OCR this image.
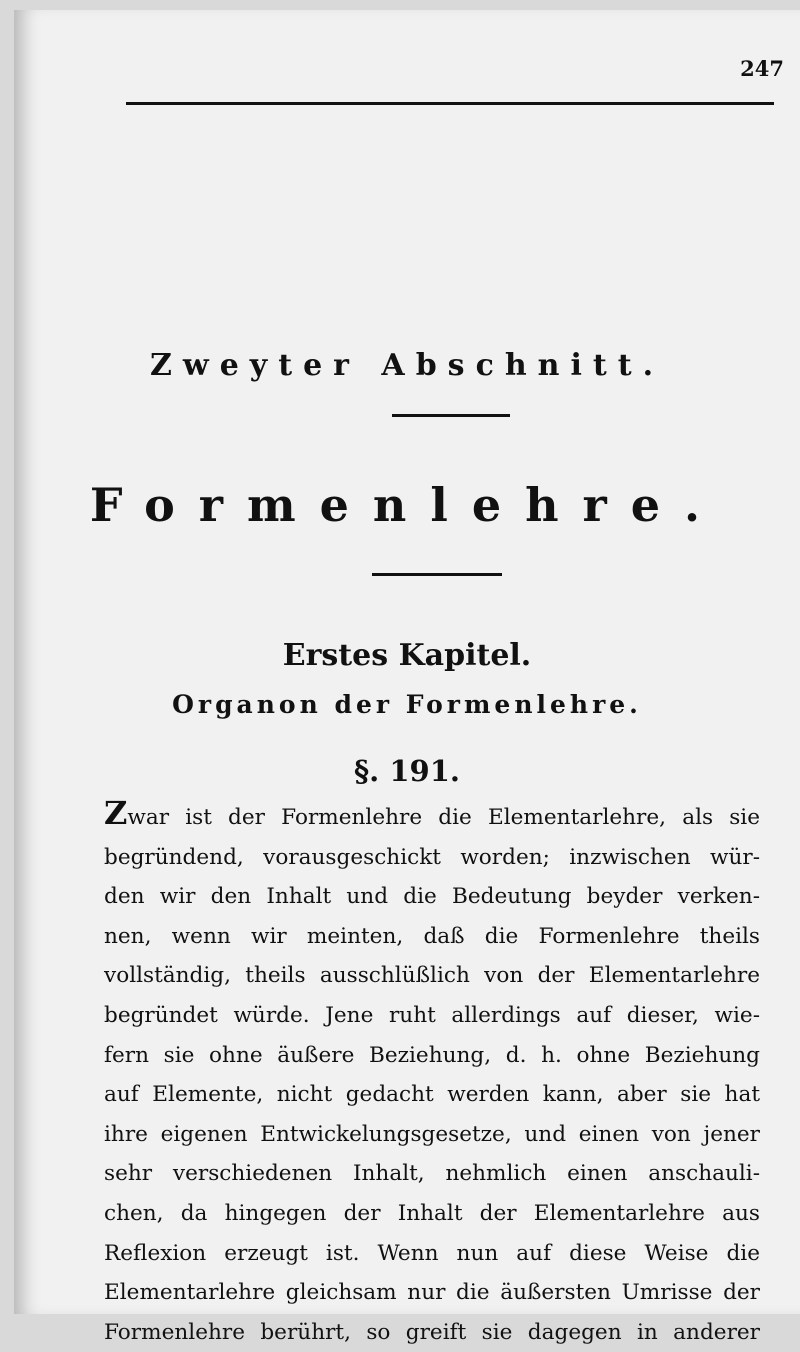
247
Zweyter Abschnitt.
Formenlehre.
Erstes Kapitel.
Organon der Formenlehre.
§. 191.
Zwar ist der Formenlehre die Elementarlehre, als sie
begründend, vorausgeschickt worden; inzwischen wür-
den wir den Inhalt und die Bedeutung beyder verken-
nen, wenn wir meinten, daß die Formenlehre theils
vollständig, theils ausschlüßlich von der Elementarlehre
begründet würde. Jene ruht allerdings auf dieser, wie-
fern sie ohne äußere Beziehung, d. h. ohne Beziehung
auf Elemente, nicht gedacht werden kann, aber sie hat
ihre eigenen Entwickelungsgesetze, und einen von jener
sehr verschiedenen Inhalt, nehmlich einen anschauli-
chen, da hingegen der Inhalt der Elementarlehre aus
Reflexion erzeugt ist. Wenn nun auf diese Weise die
Elementarlehre gleichsam nur die äußersten Umrisse der
Formenlehre berührt, so greift sie dagegen in anderer
